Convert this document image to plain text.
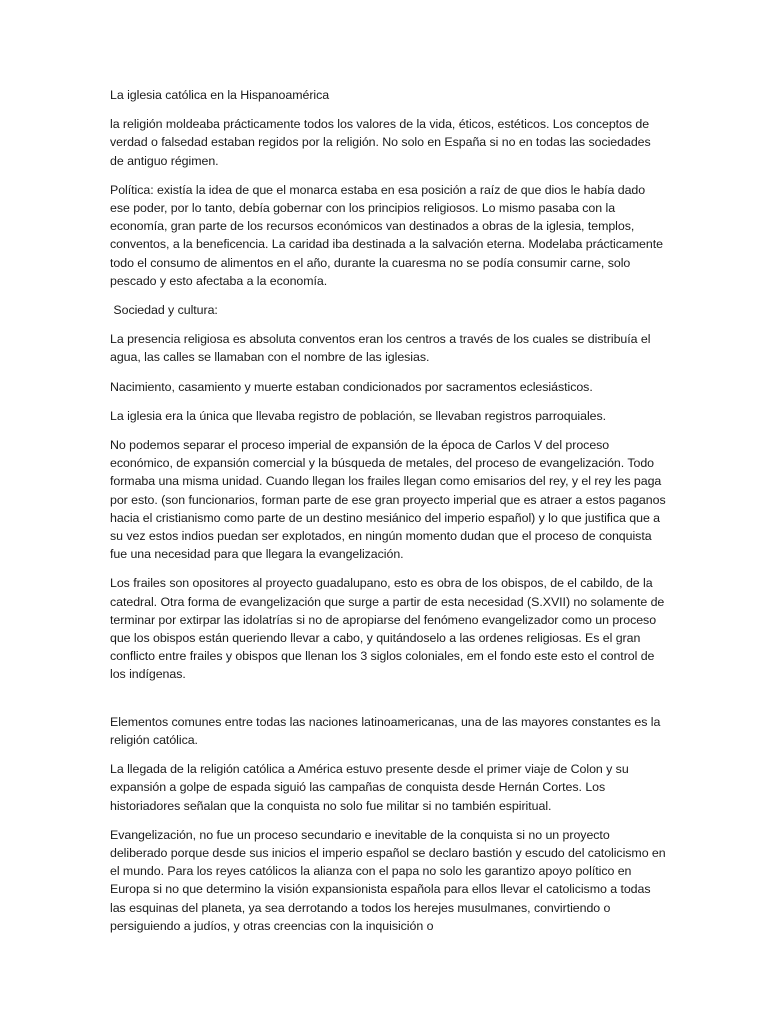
La iglesia católica en la Hispanoamérica

la religión moldeaba prácticamente todos los valores de la vida, éticos, estéticos. Los conceptos de verdad o falsedad estaban regidos por la religión. No solo en España si no en todas las sociedades de antiguo régimen.

Política: existía la idea de que el monarca estaba en esa posición a raíz de que dios le había dado ese poder, por lo tanto, debía gobernar con los principios religiosos. Lo mismo pasaba con la economía, gran parte de los recursos económicos van destinados a obras de la iglesia, templos, conventos, a la beneficencia. La caridad iba destinada a la salvación eterna. Modelaba prácticamente todo el consumo de alimentos en el año, durante la cuaresma no se podía consumir carne, solo pescado y esto afectaba a la economía.

Sociedad y cultura:

La presencia religiosa es absoluta conventos eran los centros a través de los cuales se distribuía el agua, las calles se llamaban con el nombre de las iglesias.

Nacimiento, casamiento y muerte estaban condicionados por sacramentos eclesiásticos.

La iglesia era la única que llevaba registro de población, se llevaban registros parroquiales.

No podemos separar el proceso imperial de expansión de la época de Carlos V del proceso económico, de expansión comercial y la búsqueda de metales, del proceso de evangelización. Todo formaba una misma unidad. Cuando llegan los frailes llegan como emisarios del rey, y el rey les paga por esto. (son funcionarios, forman parte de ese gran proyecto imperial que es atraer a estos paganos hacia el cristianismo como parte de un destino mesiánico del imperio español) y lo que justifica que a su vez estos indios puedan ser explotados, en ningún momento dudan que el proceso de conquista fue una necesidad para que llegara la evangelización.

Los frailes son opositores al proyecto guadalupano, esto es obra de los obispos, de el cabildo, de la catedral. Otra forma de evangelización que surge a partir de esta necesidad (S.XVII) no solamente de terminar por extirpar las idolatrías si no de apropiarse del fenómeno evangelizador como un proceso que los obispos están queriendo llevar a cabo, y quitándoselo a las ordenes religiosas. Es el gran conflicto entre frailes y obispos que llenan los 3 siglos coloniales, em el fondo este esto el control de los indígenas.

Elementos comunes entre todas las naciones latinoamericanas, una de las mayores constantes es la religión católica.

La llegada de la religión católica a América estuvo presente desde el primer viaje de Colon y su expansión a golpe de espada siguió las campañas de conquista desde Hernán Cortes. Los historiadores señalan que la conquista no solo fue militar si no también espiritual.

Evangelización, no fue un proceso secundario e inevitable de la conquista si no un proyecto deliberado porque desde sus inicios el imperio español se declaro bastión y escudo del catolicismo en el mundo. Para los reyes católicos la alianza con el papa no solo les garantizo apoyo político en Europa si no que determino la visión expansionista española para ellos llevar el catolicismo a todas las esquinas del planeta, ya sea derrotando a todos los herejes musulmanes, convirtiendo o persiguiendo a judíos, y otras creencias con la inquisición o
